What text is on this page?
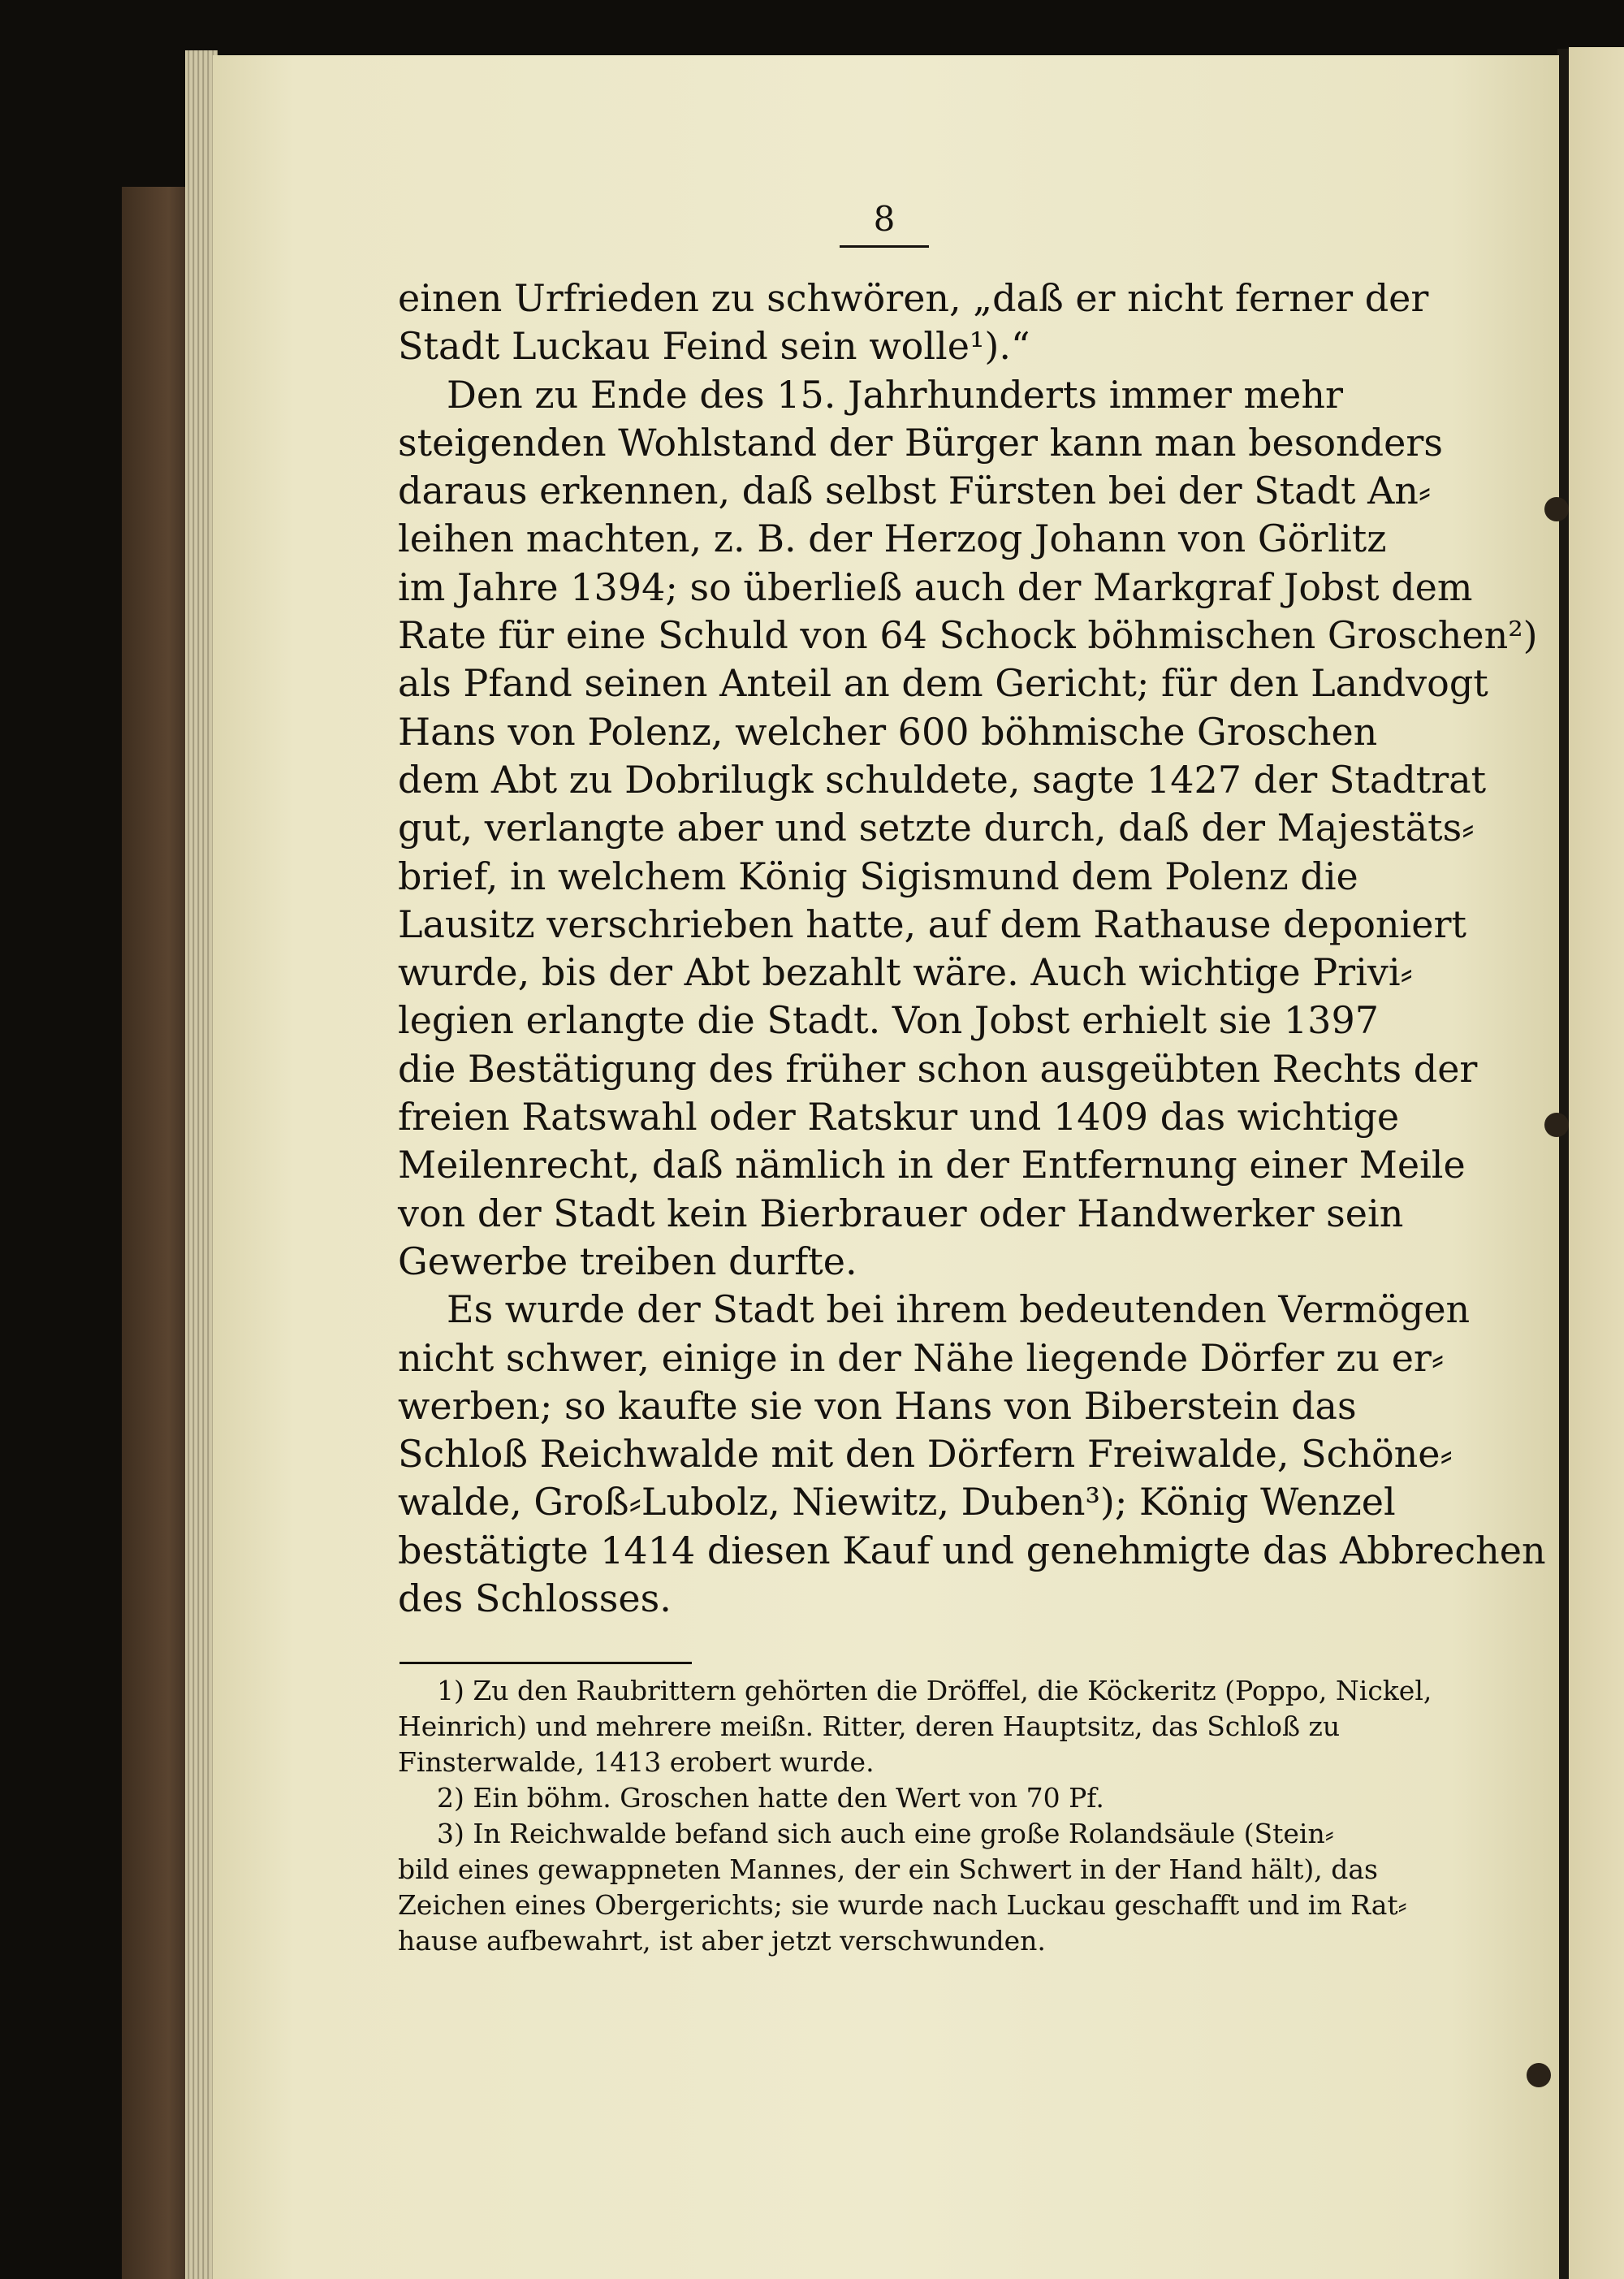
8
einen Urfrieden zu schwören, „daß er nicht ferner der
Stadt Luckau Feind sein wolle¹).“
Den zu Ende des 15. Jahrhunderts immer mehr
steigenden Wohlstand der Bürger kann man besonders
daraus erkennen, daß selbst Fürsten bei der Stadt An⸗
leihen machten, z. B. der Herzog Johann von Görlitz
im Jahre 1394; so überließ auch der Markgraf Jobst dem
Rate für eine Schuld von 64 Schock böhmischen Groschen²)
als Pfand seinen Anteil an dem Gericht; für den Landvogt
Hans von Polenz, welcher 600 böhmische Groschen
dem Abt zu Dobrilugk schuldete, sagte 1427 der Stadtrat
gut, verlangte aber und setzte durch, daß der Majestäts⸗
brief, in welchem König Sigismund dem Polenz die
Lausitz verschrieben hatte, auf dem Rathause deponiert
wurde, bis der Abt bezahlt wäre. Auch wichtige Privi⸗
legien erlangte die Stadt. Von Jobst erhielt sie 1397
die Bestätigung des früher schon ausgeübten Rechts der
freien Ratswahl oder Ratskur und 1409 das wichtige
Meilenrecht, daß nämlich in der Entfernung einer Meile
von der Stadt kein Bierbrauer oder Handwerker sein
Gewerbe treiben durfte.
Es wurde der Stadt bei ihrem bedeutenden Vermögen
nicht schwer, einige in der Nähe liegende Dörfer zu er⸗
werben; so kaufte sie von Hans von Biberstein das
Schloß Reichwalde mit den Dörfern Freiwalde, Schöne⸗
walde, Groß⸗Lubolz, Niewitz, Duben³); König Wenzel
bestätigte 1414 diesen Kauf und genehmigte das Abbrechen
des Schlosses.
1) Zu den Raubrittern gehörten die Dröffel, die Köckeritz (Poppo, Nickel,
Heinrich) und mehrere meißn. Ritter, deren Hauptsitz, das Schloß zu
Finsterwalde, 1413 erobert wurde.
2) Ein böhm. Groschen hatte den Wert von 70 Pf.
3) In Reichwalde befand sich auch eine große Rolandsäule (Stein⸗
bild eines gewappneten Mannes, der ein Schwert in der Hand hält), das
Zeichen eines Obergerichts; sie wurde nach Luckau geschafft und im Rat⸗
hause aufbewahrt, ist aber jetzt verschwunden.
